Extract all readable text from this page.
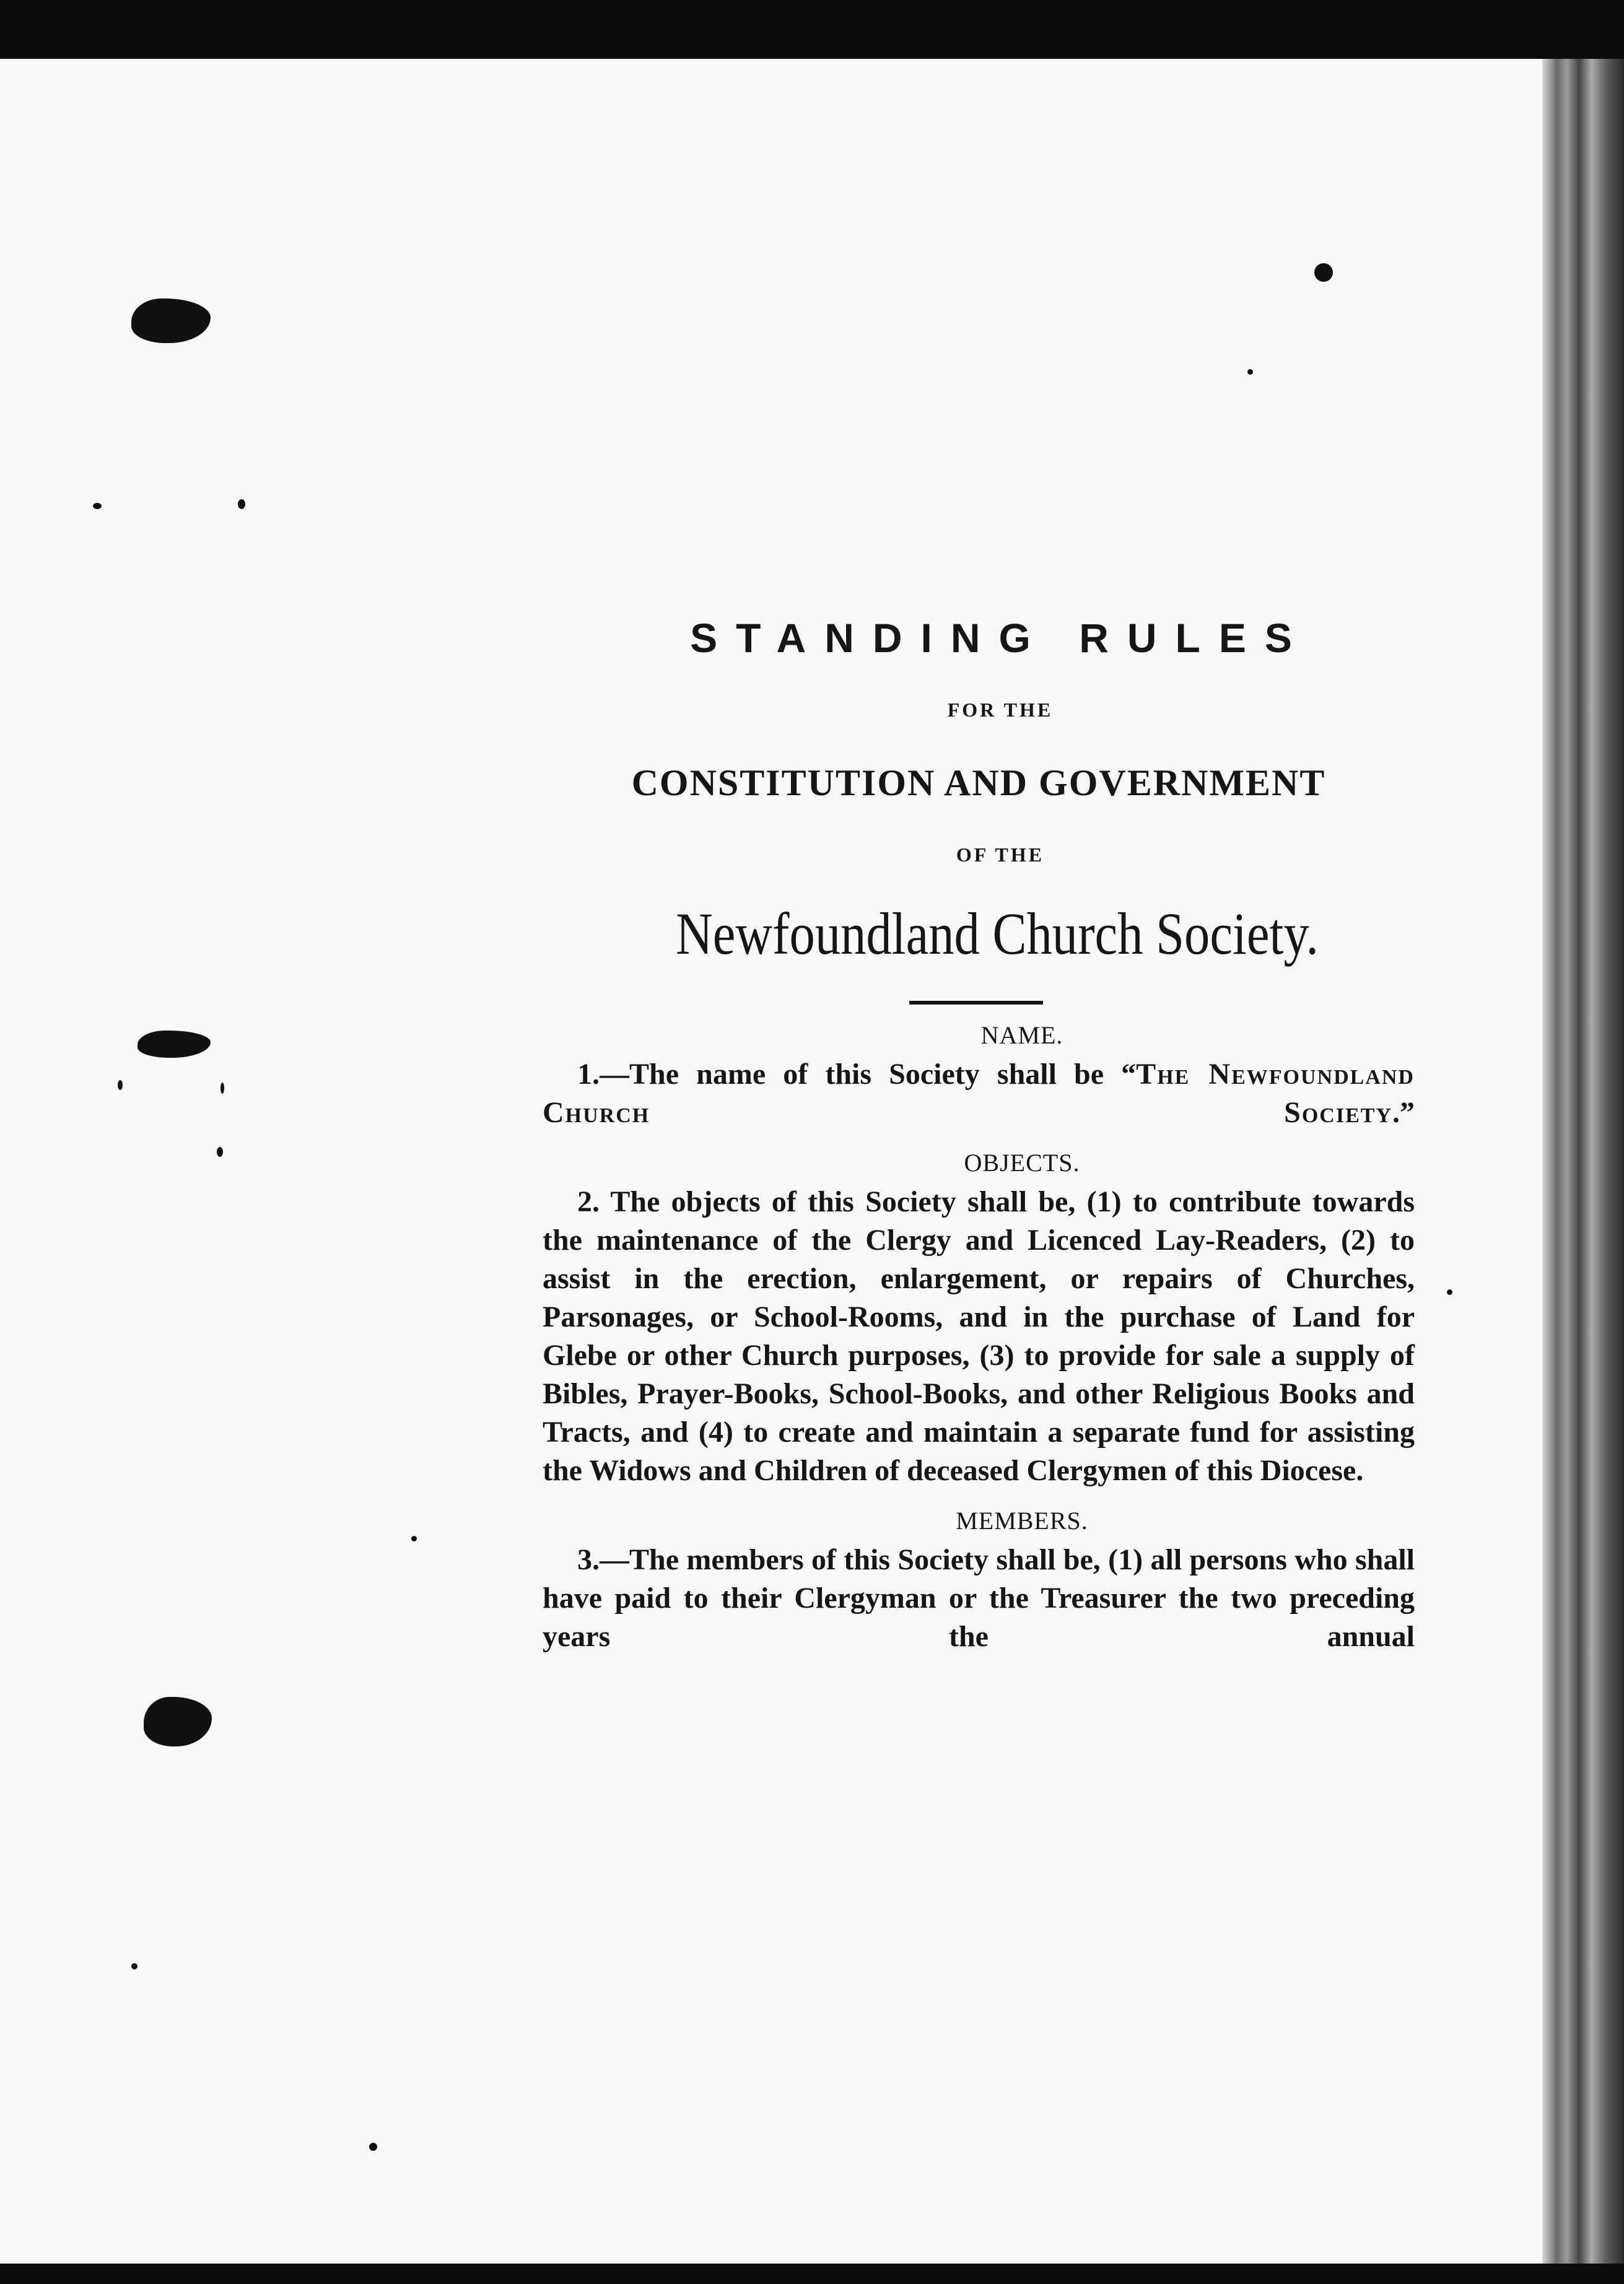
STANDING RULES
FOR THE
CONSTITUTION AND GOVERNMENT
OF THE
Newfoundland Church Society.
NAME.

1.—The name of this Society shall be “The Newfoundland Church Society.”

OBJECTS.

2. The objects of this Society shall be, (1) to contribute towards the maintenance of the Clergy and Licenced Lay-Readers, (2) to assist in the erection, enlargement, or repairs of Churches, Parsonages, or School-Rooms, and in the purchase of Land for Glebe or other Church purposes, (3) to provide for sale a supply of Bibles, Prayer-Books, School-Books, and other Religious Books and Tracts, and (4) to create and maintain a separate fund for assisting the Widows and Children of deceased Clergymen of this Diocese.

MEMBERS.

3.—The members of this Society shall be, (1) all persons who shall have paid to their Clergyman or the Treasurer the two preceding years the annual
